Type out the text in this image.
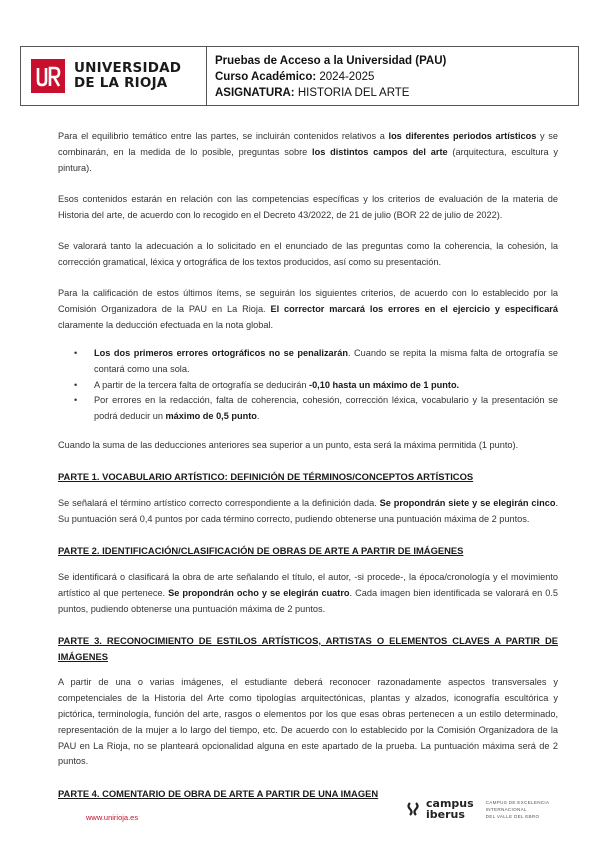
UNIVERSIDAD
DE LA RIOJA
Pruebas de Acceso a la Universidad (PAU)
Curso Académico: 2024-2025
ASIGNATURA: HISTORIA DEL ARTE

Para el equilibrio temático entre las partes, se incluirán contenidos relativos a los diferentes periodos artísticos y se combinarán, en la medida de lo posible, preguntas sobre los distintos campos del arte (arquitectura, escultura y pintura).

Esos contenidos estarán en relación con las competencias específicas y los criterios de evaluación de la materia de Historia del arte, de acuerdo con lo recogido en el Decreto 43/2022, de 21 de julio (BOR 22 de julio de 2022).

Se valorará tanto la adecuación a lo solicitado en el enunciado de las preguntas como la coherencia, la cohesión, la corrección gramatical, léxica y ortográfica de los textos producidos, así como su presentación.

Para la calificación de estos últimos ítems, se seguirán los siguientes criterios, de acuerdo con lo establecido por la Comisión Organizadora de la PAU en La Rioja. El corrector marcará los errores en el ejercicio y especificará claramente la deducción efectuada en la nota global.

• Los dos primeros errores ortográficos no se penalizarán. Cuando se repita la misma falta de ortografía se contará como una sola.
• A partir de la tercera falta de ortografía se deducirán -0,10 hasta un máximo de 1 punto.
• Por errores en la redacción, falta de coherencia, cohesión, corrección léxica, vocabulario y la presentación se podrá deducir un máximo de 0,5 punto.

Cuando la suma de las deducciones anteriores sea superior a un punto, esta será la máxima permitida (1 punto).

PARTE 1. VOCABULARIO ARTÍSTICO: DEFINICIÓN DE TÉRMINOS/CONCEPTOS ARTÍSTICOS

Se señalará el término artístico correcto correspondiente a la definición dada. Se propondrán siete y se elegirán cinco. Su puntuación será 0,4 puntos por cada término correcto, pudiendo obtenerse una puntuación máxima de 2 puntos.

PARTE 2. IDENTIFICACIÓN/CLASIFICACIÓN DE OBRAS DE ARTE A PARTIR DE IMÁGENES

Se identificará o clasificará la obra de arte señalando el título, el autor, -si procede-, la época/cronología y el movimiento artístico al que pertenece. Se propondrán ocho y se elegirán cuatro. Cada imagen bien identificada se valorará en 0.5 puntos, pudiendo obtenerse una puntuación máxima de 2 puntos.

PARTE 3. RECONOCIMIENTO DE ESTILOS ARTÍSTICOS, ARTISTAS O ELEMENTOS CLAVES A PARTIR DE IMÁGENES

A partir de una o varias imágenes, el estudiante deberá reconocer razonadamente aspectos transversales y competenciales de la Historia del Arte como tipologías arquitectónicas, plantas y alzados, iconografía escultórica y pictórica, terminología, función del arte, rasgos o elementos por los que esas obras pertenecen a un estilo determinado, representación de la mujer a lo largo del tiempo, etc. De acuerdo con lo establecido por la Comisión Organizadora de la PAU en La Rioja, no se planteará opcionalidad alguna en este apartado de la prueba. La puntuación máxima será de 2 puntos.

PARTE 4. COMENTARIO DE OBRA DE ARTE A PARTIR DE UNA IMAGEN

www.unirioja.es
campus
iberus
CAMPUS DE EXCELENCIA
INTERNACIONAL
DEL VALLE DEL EBRO
